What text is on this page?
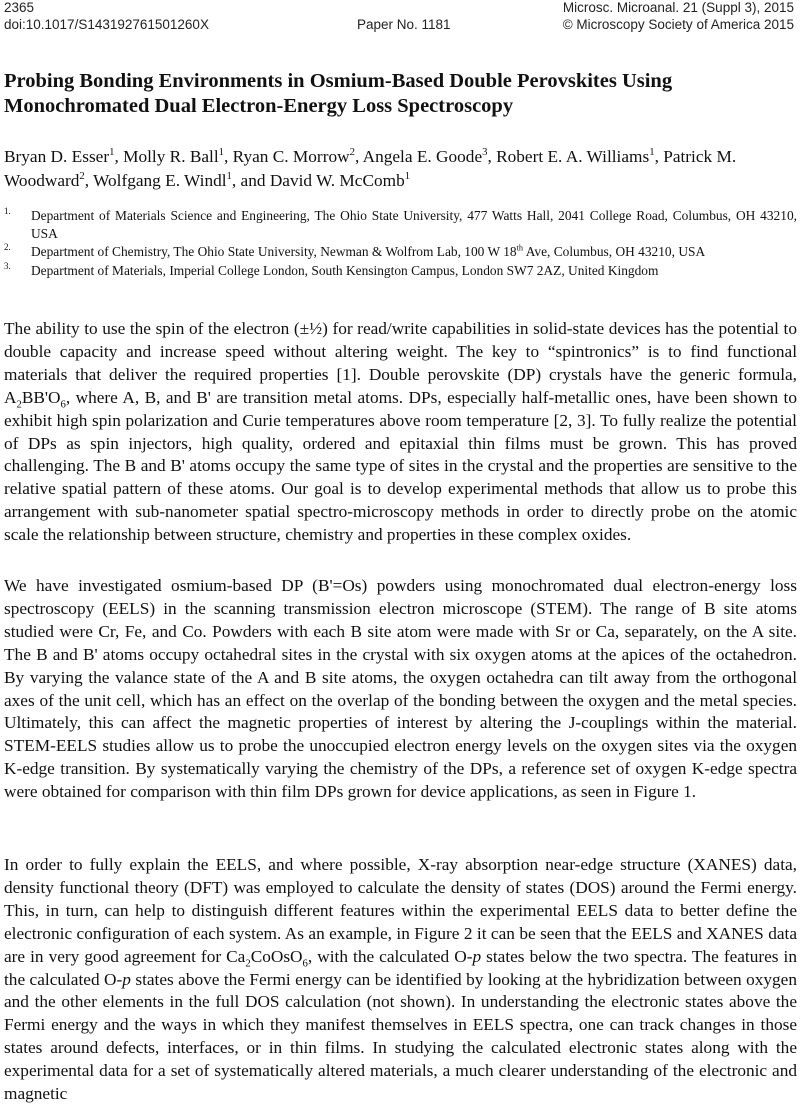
2365	Microsc. Microanal. 21 (Suppl 3), 2015
doi:10.1017/S143192761501260X	Paper No. 1181	© Microscopy Society of America 2015
Probing Bonding Environments in Osmium-Based Double Perovskites Using Monochromated Dual Electron-Energy Loss Spectroscopy

Bryan D. Esser$^1$, Molly R. Ball$^1$, Ryan C. Morrow$^2$, Angela E. Goode$^3$, Robert E. A. Williams$^1$, Patrick M. Woodward$^2$, Wolfgang E. Windl$^1$, and David W. McComb$^1$

1. Department of Materials Science and Engineering, The Ohio State University, 477 Watts Hall, 2041 College Road, Columbus, OH 43210, USA
2. Department of Chemistry, The Ohio State University, Newman & Wolfrom Lab, 100 W 18th Ave, Columbus, OH 43210, USA
3. Department of Materials, Imperial College London, South Kensington Campus, London SW7 2AZ, United Kingdom

The ability to use the spin of the electron (±½) for read/write capabilities in solid-state devices has the potential to double capacity and increase speed without altering weight. The key to “spintronics” is to find functional materials that deliver the required properties [1]. Double perovskite (DP) crystals have the generic formula, $A_2BB'O_6$, where A, B, and B' are transition metal atoms. DPs, especially half-metallic ones, have been shown to exhibit high spin polarization and Curie temperatures above room temperature [2, 3]. To fully realize the potential of DPs as spin injectors, high quality, ordered and epitaxial thin films must be grown. This has proved challenging. The B and B' atoms occupy the same type of sites in the crystal and the properties are sensitive to the relative spatial pattern of these atoms. Our goal is to develop experimental methods that allow us to probe this arrangement with sub-nanometer spatial spectro-microscopy methods in order to directly probe on the atomic scale the relationship between structure, chemistry and properties in these complex oxides.

We have investigated osmium-based DP (B'=Os) powders using monochromated dual electron-energy loss spectroscopy (EELS) in the scanning transmission electron microscope (STEM). The range of B site atoms studied were Cr, Fe, and Co. Powders with each B site atom were made with Sr or Ca, separately, on the A site. The B and B' atoms occupy octahedral sites in the crystal with six oxygen atoms at the apices of the octahedron. By varying the valance state of the A and B site atoms, the oxygen octahedra can tilt away from the orthogonal axes of the unit cell, which has an effect on the overlap of the bonding between the oxygen and the metal species. Ultimately, this can affect the magnetic properties of interest by altering the J-couplings within the material. STEM-EELS studies allow us to probe the unoccupied electron energy levels on the oxygen sites via the oxygen K-edge transition. By systematically varying the chemistry of the DPs, a reference set of oxygen K-edge spectra were obtained for comparison with thin film DPs grown for device applications, as seen in Figure 1.

In order to fully explain the EELS, and where possible, X-ray absorption near-edge structure (XANES) data, density functional theory (DFT) was employed to calculate the density of states (DOS) around the Fermi energy. This, in turn, can help to distinguish different features within the experimental EELS data to better define the electronic configuration of each system. As an example, in Figure 2 it can be seen that the EELS and XANES data are in very good agreement for $Ca_2CoOsO_6$, with the calculated O-p states below the two spectra. The features in the calculated O-p states above the Fermi energy can be identified by looking at the hybridization between oxygen and the other elements in the full DOS calculation (not shown). In understanding the electronic states above the Fermi energy and the ways in which they manifest themselves in EELS spectra, one can track changes in those states around defects, interfaces, or in thin films. In studying the calculated electronic states along with the experimental data for a set of systematically altered materials, a much clearer understanding of the electronic and magnetic
